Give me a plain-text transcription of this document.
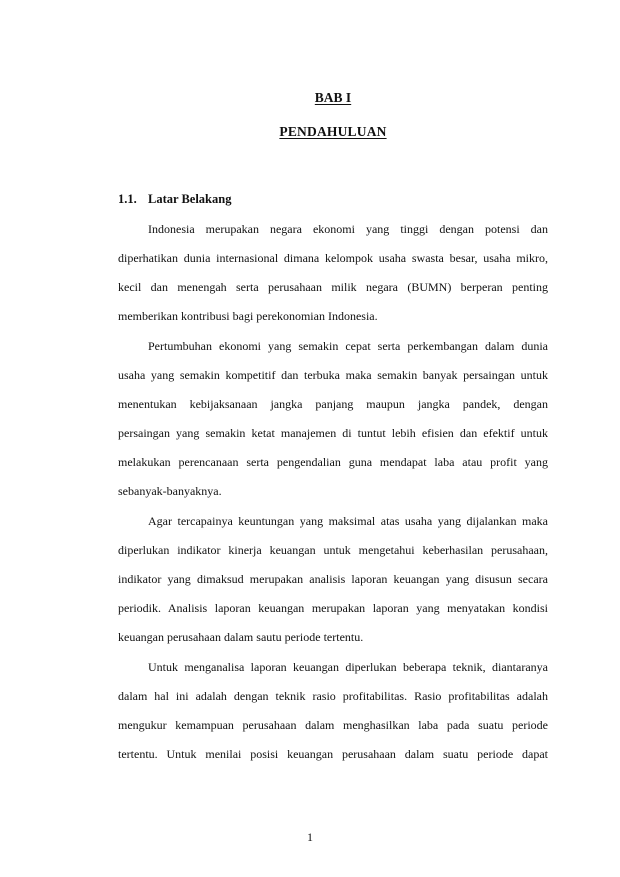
BAB I
PENDAHULUAN
1.1. Latar Belakang
Indonesia merupakan negara ekonomi yang tinggi dengan potensi dan
diperhatikan dunia internasional dimana kelompok usaha swasta besar, usaha mikro,
kecil dan menengah serta perusahaan milik negara (BUMN) berperan penting
memberikan kontribusi bagi perekonomian Indonesia.
Pertumbuhan ekonomi yang semakin cepat serta perkembangan dalam dunia
usaha yang semakin kompetitif dan terbuka maka semakin banyak persaingan untuk
menentukan kebijaksanaan jangka panjang maupun jangka pandek, dengan
persaingan yang semakin ketat manajemen di tuntut lebih efisien dan efektif untuk
melakukan perencanaan serta pengendalian guna mendapat laba atau profit yang
sebanyak-banyaknya.
Agar tercapainya keuntungan yang maksimal atas usaha yang dijalankan maka
diperlukan indikator kinerja keuangan untuk mengetahui keberhasilan perusahaan,
indikator yang dimaksud merupakan analisis laporan keuangan yang disusun secara
periodik. Analisis laporan keuangan merupakan laporan yang menyatakan kondisi
keuangan perusahaan dalam sautu periode tertentu.
Untuk menganalisa laporan keuangan diperlukan beberapa teknik, diantaranya
dalam hal ini adalah dengan teknik rasio profitabilitas. Rasio profitabilitas adalah
mengukur kemampuan perusahaan dalam menghasilkan laba pada suatu periode
tertentu. Untuk menilai posisi keuangan perusahaan dalam suatu periode dapat
1
